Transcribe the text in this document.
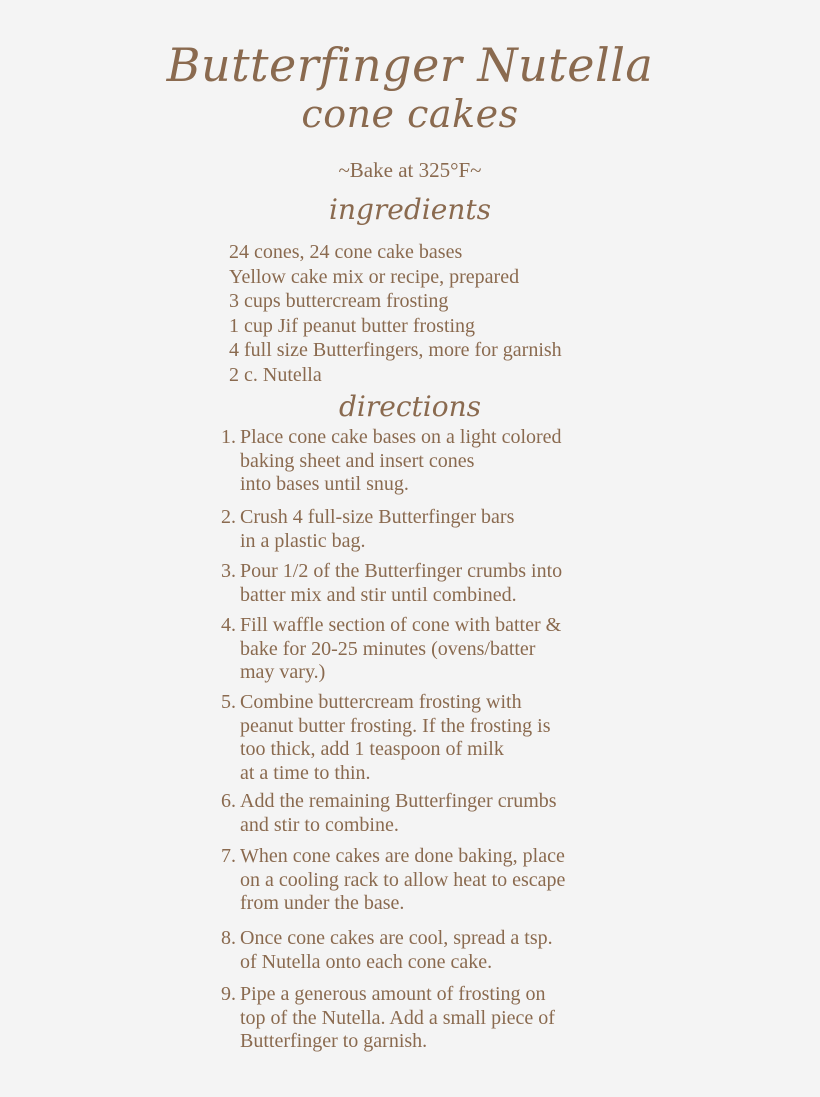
Butterfinger Nutella
cone cakes
~Bake at 325°F~
ingredients
24 cones, 24 cone cake bases
Yellow cake mix or recipe, prepared
3 cups buttercream frosting
1 cup Jif peanut butter frosting
4 full size Butterfingers, more for garnish
2 c. Nutella
directions
1. Place cone cake bases on a light colored
baking sheet and insert cones
into bases until snug.
2. Crush 4 full-size Butterfinger bars
in a plastic bag.
3. Pour 1/2 of the Butterfinger crumbs into
batter mix and stir until combined.
4. Fill waffle section of cone with batter &
bake for 20-25 minutes (ovens/batter
may vary.)
5. Combine buttercream frosting with
peanut butter frosting. If the frosting is
too thick, add 1 teaspoon of milk
at a time to thin.
6. Add the remaining Butterfinger crumbs
and stir to combine.
7. When cone cakes are done baking, place
on a cooling rack to allow heat to escape
from under the base.
8. Once cone cakes are cool, spread a tsp.
of Nutella onto each cone cake.
9. Pipe a generous amount of frosting on
top of the Nutella. Add a small piece of
Butterfinger to garnish.
